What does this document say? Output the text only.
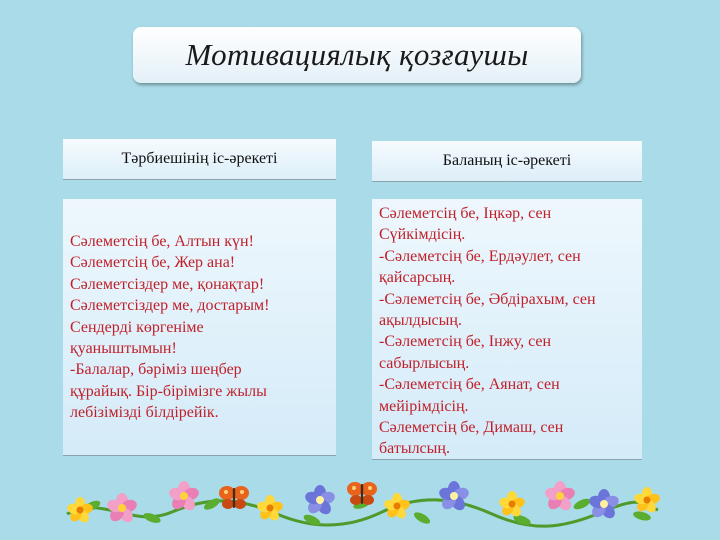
Мотивациялық қозғаушы
Тәрбиешінің іс-әрекеті	Баланың іс-әрекеті
Сәлеметсің бе, Алтын күн!
Сәлеметсің бе, Жер ана!
Сәлеметсіздер ме, қонақтар!
Сәлеметсіздер ме, достарым!
Сендерді көргеніме
қуаныштымын!
-Балалар, бәріміз шеңбер
құрайық. Бір-бірімізге жылы
лебізімізді білдірейік.
Сәлеметсің бе, Іңкәр, сен
Сүйкімдісің.
-Сәлеметсің бе, Ердәулет, сен
қайсарсың.
-Сәлеметсің бе, Әбдірахым, сен
ақылдысың.
-Сәлеметсің бе, Інжу, сен
сабырлысың.
-Сәлеметсің бе, Аянат, сен
мейірімдісің.
Сәлеметсің бе, Димаш, сен
батылсың.
